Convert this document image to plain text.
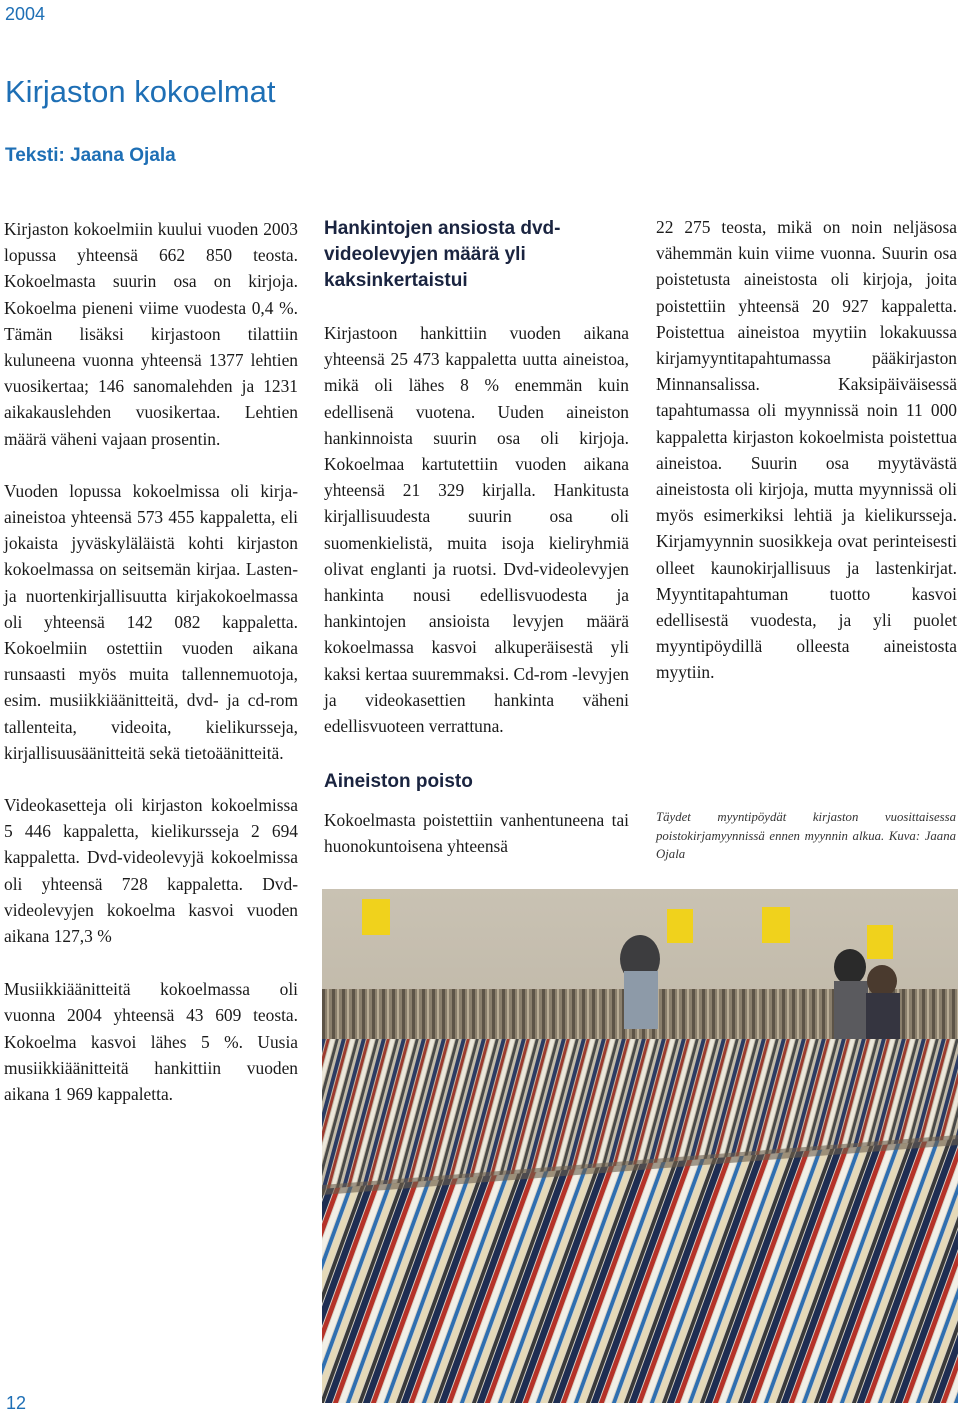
2004
Kirjaston kokoelmat
Teksti: Jaana Ojala

Kirjaston kokoelmiin kuului vuoden 2003 lopussa yhteensä 662 850 teosta. Kokoelmasta suurin osa on kirjoja. Kokoelma pieneni viime vuodesta 0,4 %. Tämän lisäksi kirjastoon tilattiin kuluneena vuonna yhteensä 1377 lehtien vuosikertaa; 146 sanomalehden ja 1231 aikakauslehden vuosikertaa. Lehtien määrä väheni vajaan prosentin.

Vuoden lopussa kokoelmissa oli kirja-aineistoa yhteensä 573 455 kappaletta, eli jokaista jyväskyläläistä kohti kirjaston kokoelmassa on seitsemän kirjaa. Lasten- ja nuortenkirjallisuutta kirjakokoelmassa oli yhteensä 142 082 kappaletta. Kokoelmiin ostettiin vuoden aikana runsaasti myös muita tallennemuotoja, esim. musiikkiäänitteitä, dvd- ja cd-rom tallenteita, videoita, kielikursseja, kirjallisuusäänitteitä sekä tietoäänitteitä.

Videokasetteja oli kirjaston kokoelmissa 5 446 kappaletta, kielikursseja 2 694 kappaletta. Dvd-videolevyjä kokoelmissa oli yhteensä 728 kappaletta. Dvd-videolevyjen kokoelma kasvoi vuoden aikana 127,3 %

Musiikkiäänitteitä kokoelmassa oli vuonna 2004 yhteensä 43 609 teosta. Kokoelma kasvoi lähes 5 %. Uusia musiikkiäänitteitä hankittiin vuoden aikana 1 969 kappaletta.

Hankintojen ansiosta dvd- videolevyjen määrä yli kaksinkertaistui

Kirjastoon hankittiin vuoden aikana yhteensä 25 473 kappaletta uutta aineistoa, mikä oli lähes 8 % enemmän kuin edellisenä vuotena. Uuden aineiston hankinnoista suurin osa oli kirjoja. Kokoelmaa kartutettiin vuoden aikana yhteensä 21 329 kirjalla. Hankitusta kirjallisuudesta suurin osa oli suomenkielistä, muita isoja kieliryhmiä olivat englanti ja ruotsi. Dvd-videolevyjen hankinta nousi edellisvuodesta ja hankintojen ansioista levyjen määrä kokoelmassa kasvoi alkuperäisestä yli kaksi kertaa suuremmaksi. Cd-rom -levyjen ja videokasettien hankinta väheni edellisvuoteen verrattuna.

Aineiston poisto

Kokoelmasta poistettiin vanhentuneena tai huonokuntoisena yhteensä

22 275 teosta, mikä on noin neljäsosa vähemmän kuin viime vuonna. Suurin osa poistetusta aineistosta oli kirjoja, joita poistettiin yhteensä 20 927 kappaletta. Poistettua aineistoa myytiin lokakuussa kirjamyyntitapahtumassa pääkirjaston Minnansalissa. Kaksipäiväisessä tapahtumassa oli myynnissä noin 11 000 kappaletta kirjaston kokoelmista poistettua aineistoa. Suurin osa myytävästä aineistosta oli kirjoja, mutta myynnissä oli myös esimerkiksi lehtiä ja kielikursseja. Kirjamyynnin suosikkeja ovat perinteisesti olleet kaunokirjallisuus ja lastenkirjat. Myyntitapahtuman tuotto kasvoi edellisestä vuodesta, ja yli puolet myyntipöydillä olleesta aineistosta myytiin.

Täydet myyntipöydät kirjaston vuosittaisessa poistokirjamyynnissä ennen myynnin alkua. Kuva: Jaana Ojala
12
